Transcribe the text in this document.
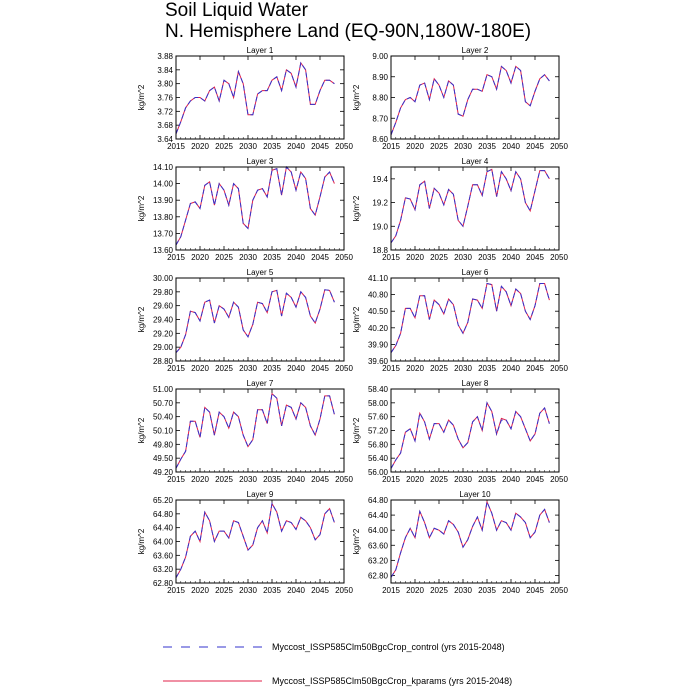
Soil Liquid Water
N. Hemisphere Land (EQ-90N,180W-180E)
Layer 1
kg/m^2
2015 2020 2025 2030 2035 2040 2045 2050
3.64
3.68
3.72
3.76
3.80
3.84
3.88
Layer 2
kg/m^2
2015 2020 2025 2030 2035 2040 2045 2050
8.60
8.70
8.80
8.90
9.00
Layer 3
kg/m^2
2015 2020 2025 2030 2035 2040 2045 2050
13.60
13.70
13.80
13.90
14.00
14.10
Layer 4
kg/m^2
2015 2020 2025 2030 2035 2040 2045 2050
18.8
19.0
19.2
19.4
Layer 5
kg/m^2
2015 2020 2025 2030 2035 2040 2045 2050
28.80
29.00
29.20
29.40
29.60
29.80
30.00
Layer 6
kg/m^2
2015 2020 2025 2030 2035 2040 2045 2050
39.60
39.90
40.20
40.50
40.80
41.10
Layer 7
kg/m^2
2015 2020 2025 2030 2035 2040 2045 2050
49.20
49.50
49.80
50.10
50.40
50.70
51.00
Layer 8
kg/m^2
2015 2020 2025 2030 2035 2040 2045 2050
56.00
56.40
56.80
57.20
57.60
58.00
58.40
Layer 9
kg/m^2
2015 2020 2025 2030 2035 2040 2045 2050
62.80
63.20
63.60
64.00
64.40
64.80
65.20
Layer 10
kg/m^2
2015 2020 2025 2030 2035 2040 2045 2050
62.80
63.20
63.60
64.00
64.40
64.80
Myccost_ISSP585Clm50BgcCrop_control (yrs 2015-2048)
Myccost_ISSP585Clm50BgcCrop_kparams (yrs 2015-2048)
